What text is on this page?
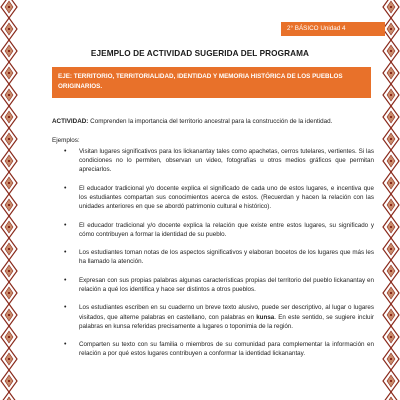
2° BÁSICO Unidad 4
EJEMPLO DE ACTIVIDAD SUGERIDA DEL PROGRAMA
EJE: TERRITORIO, TERRITORIALIDAD, IDENTIDAD Y MEMORIA HISTÓRICA DE LOS PUEBLOS ORIGINARIOS.
ACTIVIDAD: Comprenden la importancia del territorio ancestral para la construcción de la identidad.
Ejemplos:
• Visitan lugares significativos para los lickanantay tales como apachetas, cerros tutelares, vertientes. Si las condiciones no lo permiten, observan un video, fotografías u otros medios gráficos que permitan apreciarlos.
• El educador tradicional y/o docente explica el significado de cada uno de estos lugares, e incentiva que los estudiantes compartan sus conocimientos acerca de estos. (Recuerdan y hacen la relación con las unidades anteriores en que se abordó patrimonio cultural e histórico).
• El educador tradicional y/o docente explica la relación que existe entre estos lugares, su significado y cómo contribuyen a formar la identidad de su pueblo.
• Los estudiantes toman notas de los aspectos significativos y elaboran bocetos de los lugares que más les ha llamado la atención.
• Expresan con sus propias palabras algunas características propias del territorio del pueblo lickanantay en relación a qué los identifica y hace ser distintos a otros pueblos.
• Los estudiantes escriben en su cuaderno un breve texto alusivo, puede ser descriptivo, al lugar o lugares visitados, que alterne palabras en castellano, con palabras en kunsa. En este sentido, se sugiere incluir palabras en kunsa referidas precisamente a lugares o toponimia de la región.
• Comparten su texto con su familia o miembros de su comunidad para complementar la información en relación a por qué estos lugares contribuyen a conformar la identidad lickanantay.
